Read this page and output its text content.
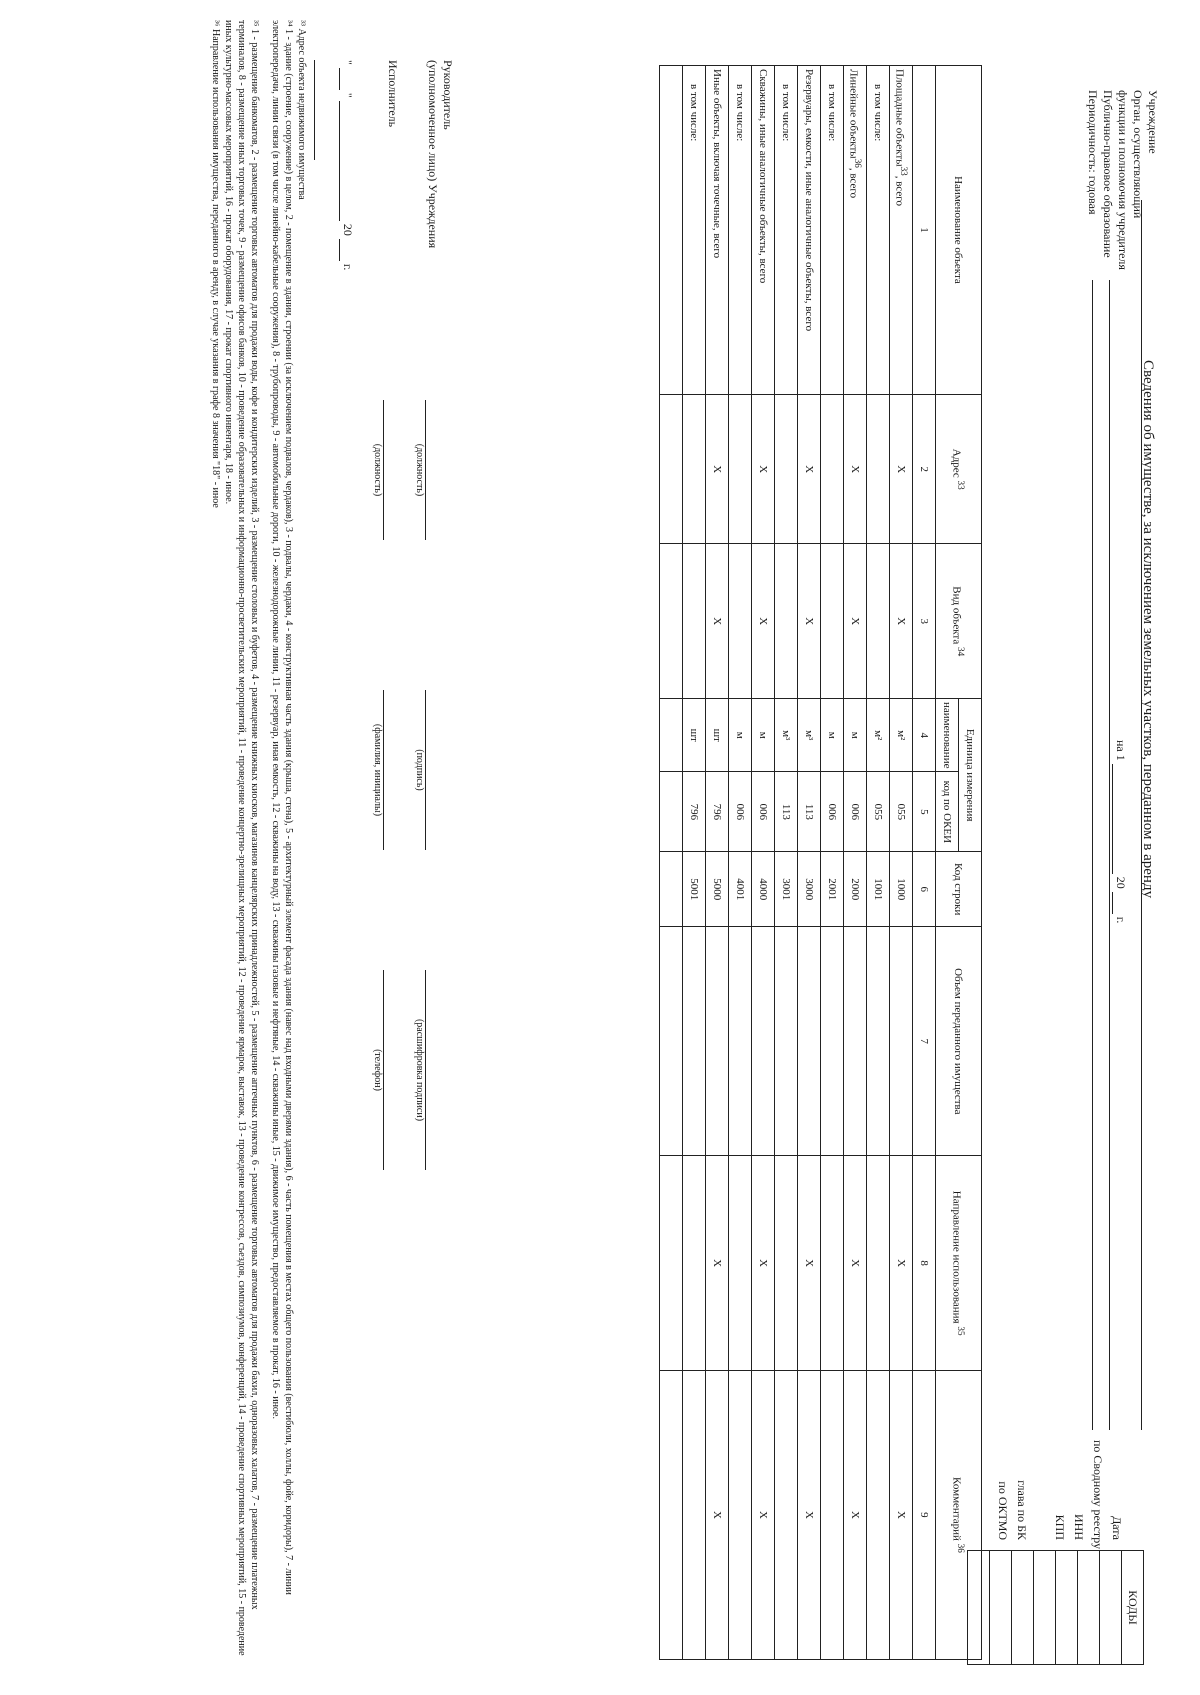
Сведения об имуществе, за исключением земельных участков, переданном в аренду
на 1   20   г.
Учреждение
Орган, осуществляющий
функции и полномочия учредителя
Публично-правовое образование
Периодичность: годовая
Дата
по Сводному реестру
ИНН
КПП
глава по БК
по ОКТМО
КОДЫ

Наименование объекта	Адрес $^{33}$	Вид объекта $^{34}$	Единица измерения		Код строки	Объем переданного имущества	Направление использования $^{35}$	Комментарий $^{36}$
			наименование	код по ОКЕИ				
1	2	3	4	5	6	7	8	9
Площадные объекты$^{33}$, всего	X	X	м²	055	1000		X	X
в том числе:			м²	055	1001			
Линейные объекты$^{36}$, всего	X	X	м	006	2000		X	X
в том числе:			м	006	2001			
Резервуары, емкости, иные аналогичные объекты, всего	X	X	м³	113	3000		X	X
в том числе:			м³	113	3001			
Скважины, иные аналогичные объекты, всего	X	X	м	006	4000		X	X
в том числе:			м	006	4001			
Иные объекты, включая точечные, всего	X	X	шт	796	5000		X	X
в том числе:			шт	796	5001			

Руководитель
(уполномоченное лицо) Учреждения
(должность)
(подпись)
(расшифровка подписи)
Исполнитель
(должность)
(фамилия, инициалы)
(телефон)
"   "   20   г.
³³ Адрес объекта недвижимого имущества
³⁴ 1 - здание (строение, сооружение) в целом, 2 - помещение в здании, строении (за исключением подвалов, чердаков), 3 - подвалы, чердаки, 4 - конструктивная часть здания (крыша, стена), 5 - архитектурный элемент фасада здания (навес над входными дверями здания), 6 - часть помещения в местах общего пользования (вестибюли, холлы, фойе, коридоры), 7 - линии электропередачи, линии связи (в том числе линейно-кабельные сооружения), 8 - трубопроводы, 9 - автомобильные дороги, 10 - железнодорожные линии, 11 - резервуар, иная емкость, 12 - скважины на воду, 13 - скважины газовые и нефтяные, 14 - скважины иные, 15 - движимое имущество, предоставляемое в прокат, 16 - иное.
³⁵ 1 - размещение банкоматов, 2 - размещение торговых автоматов для продажи воды, кофе и кондитерских изделий, 3 - размещение столовых и буфетов, 4 - размещение книжных киосков, магазинов канцелярских принадлежностей, 5 - размещение аптечных пунктов, 6 - размещение торговых автоматов для продажи бахил, одноразовых халатов, 7 - размещение платежных терминалов, 8 - размещение иных торговых точек, 9 - размещение офисов банков, 10 - проведение образовательных и информационно-просветительских мероприятий, 11 - проведение концертно-зрелищных мероприятий, 12 - проведение ярмарок, выставок, 13 - проведение конгрессов, съездов, симпозиумов, конференций, 14 - проведение спортивных мероприятий, 15 - проведение иных культурно-массовых мероприятий, 16 - прокат оборудования, 17 - прокат спортивного инвентаря, 18 - иное.
³⁶ Направление использования имущества, переданного в аренду, в случае указания в графе 8 значения "18" - иное
